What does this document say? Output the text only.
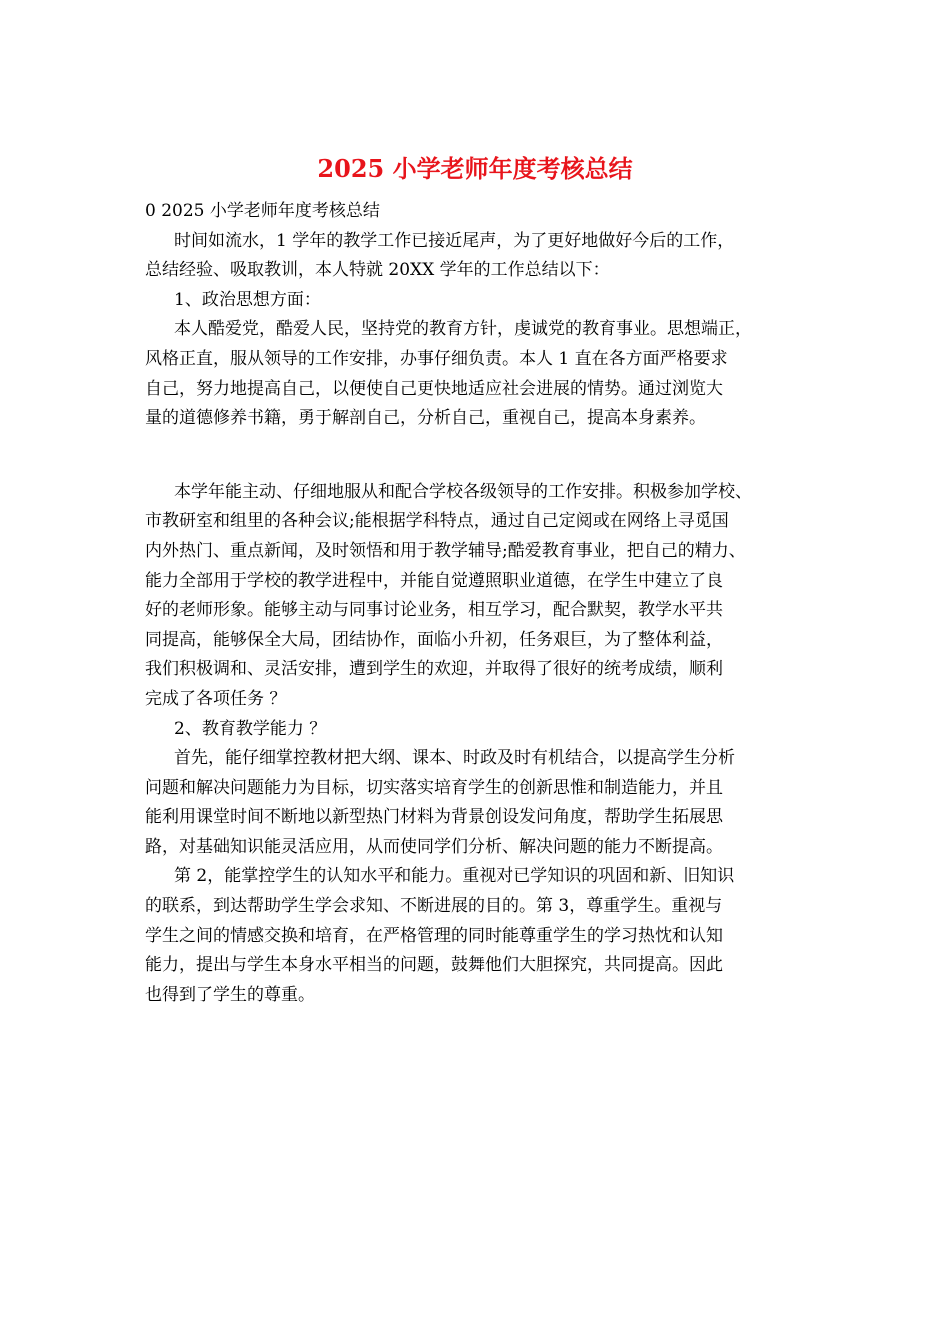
2025 小学老师年度考核总结
0 2025 小学老师年度考核总结
时间如流水，1 学年的教学工作已接近尾声，为了更好地做好今后的工作，
总结经验、吸取教训，本人特就 20XX 学年的工作总结以下：
1、政治思想方面：
本人酷爱党，酷爱人民，坚持党的教育方针，虔诚党的教育事业。思想端正，
风格正直，服从领导的工作安排，办事仔细负责。本人 1 直在各方面严格要求
自己，努力地提高自己，以便使自己更快地适应社会进展的情势。通过浏览大
量的道德修养书籍，勇于解剖自己，分析自己，重视自己，提高本身素养。
本学年能主动、仔细地服从和配合学校各级领导的工作安排。积极参加学校、
市教研室和组里的各种会议;能根据学科特点，通过自己定阅或在网络上寻觅国
内外热门、重点新闻，及时领悟和用于教学辅导;酷爱教育事业，把自己的精力、
能力全部用于学校的教学进程中，并能自觉遵照职业道德，在学生中建立了良
好的老师形象。能够主动与同事讨论业务，相互学习，配合默契，教学水平共
同提高，能够保全大局，团结协作，面临小升初，任务艰巨，为了整体利益，
我们积极调和、灵活安排，遭到学生的欢迎，并取得了很好的统考成绩，顺利
完成了各项任务 ？
2、教育教学能力 ？
首先，能仔细掌控教材把大纲、课本、时政及时有机结合，以提高学生分析
问题和解决问题能力为目标，切实落实培育学生的创新思惟和制造能力，并且
能利用课堂时间不断地以新型热门材料为背景创设发问角度，帮助学生拓展思
路，对基础知识能灵活应用，从而使同学们分析、解决问题的能力不断提高。
第 2，能掌控学生的认知水平和能力。重视对已学知识的巩固和新、旧知识
的联系，到达帮助学生学会求知、不断进展的目的。第 3，尊重学生。重视与
学生之间的情感交换和培育，在严格管理的同时能尊重学生的学习热忱和认知
能力，提出与学生本身水平相当的问题，鼓舞他们大胆探究，共同提高。因此
也得到了学生的尊重。
